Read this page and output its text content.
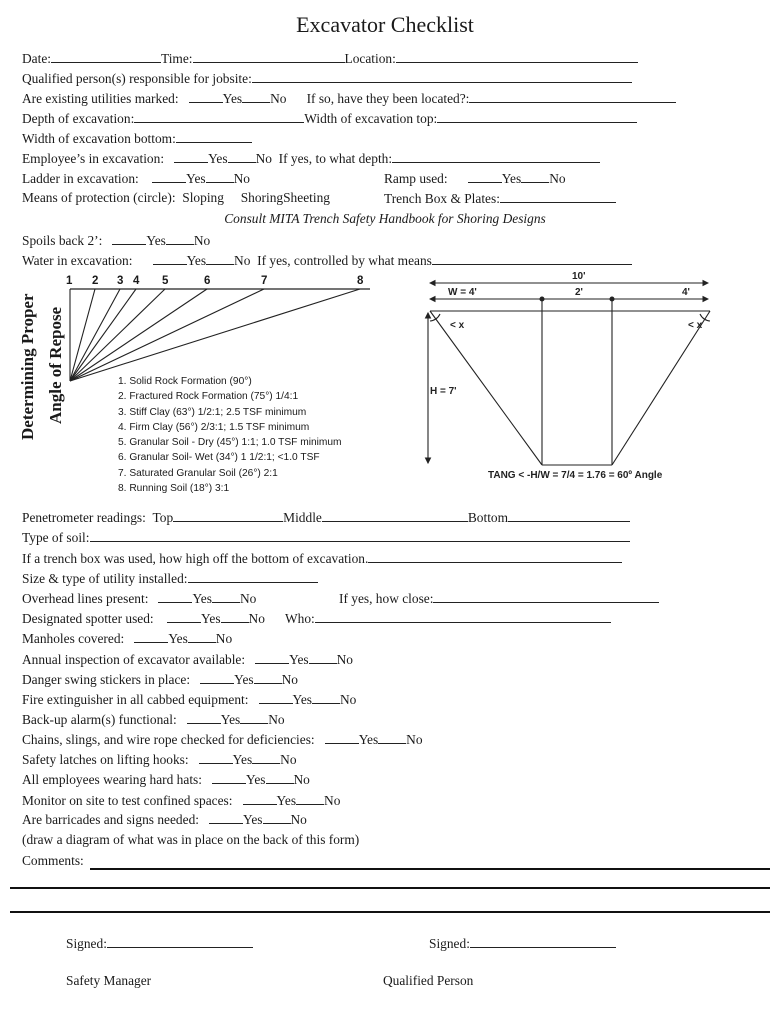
Excavator Checklist
Date:	Time:	Location:
Qualified person(s) responsible for jobsite:
Are existing utilities marked:	Yes No If so, have they been located?:
Depth of excavation:	Width of excavation top:
Width of excavation bottom:
Employee’s in excavation:	Yes No If yes, to what depth:
Ladder in excavation:	Yes No	Ramp used:	Yes No
Means of protection (circle): Sloping ShoringSheeting	Trench Box & Plates:
Consult MITA Trench Safety Handbook for Shoring Designs
Spoils back 2’:	Yes No
Water in excavation:	Yes No If yes, controlled by what means
Determining Proper Angle of Repose
1 2 3 4 5	6	7	8
1. Solid Rock Formation (90°)
2. Fractured Rock Formation (75°) 1/4:1
3. Stiff Clay (63°) 1/2:1; 2.5 TSF minimum
4. Firm Clay (56°) 2/3:1; 1.5 TSF minimum
5. Granular Soil - Dry (45°) 1:1; 1.0 TSF minimum
6. Granular Soil- Wet (34°) 1 1/2:1; <1.0 TSF
7. Saturated Granular Soil (26°) 2:1
8. Running Soil (18°) 3:1
10'
W = 4'	2'	4'
< x	< x
H = 7'
TANG < -H/W = 7/4 = 1.76 = 60º Angle
Penetrometer readings: Top	Middle	Bottom
Type of soil:
If a trench box was used, how high off the bottom of excavation.
Size & type of utility installed:
Overhead lines present:	Yes No	If yes, how close:
Designated spotter used:	Yes No Who:
Manholes covered:	Yes No
Annual inspection of excavator available:	Yes No
Danger swing stickers in place:	Yes No
Fire extinguisher in all cabbed equipment:	Yes No
Back-up alarm(s) functional:	Yes No
Chains, slings, and wire rope checked for deficiencies:	Yes No
Safety latches on lifting hooks:	Yes No
All employees wearing hard hats:	Yes No
Monitor on site to test confined spaces:	Yes No
Are barricades and signs needed:	Yes No
(draw a diagram of what was in place on the back of this form)
Comments:
Signed:	Signed:
Safety Manager	Qualified Person
